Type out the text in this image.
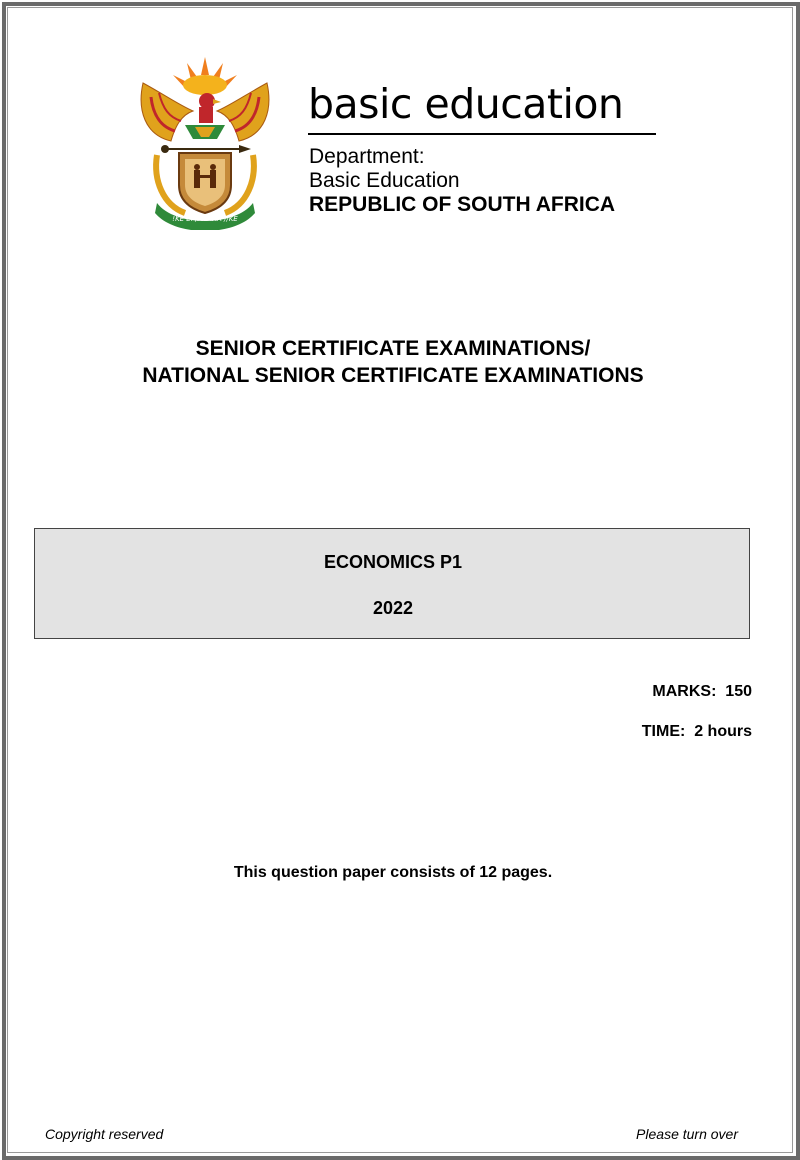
!KE E: /XARRA //KE
basic education
Department:
Basic Education
REPUBLIC OF SOUTH AFRICA
SENIOR CERTIFICATE EXAMINATIONS/
NATIONAL SENIOR CERTIFICATE EXAMINATIONS
ECONOMICS P1
2022
MARKS:  150
TIME:  2 hours
This question paper consists of 12 pages.
Copyright reserved	Please turn over
